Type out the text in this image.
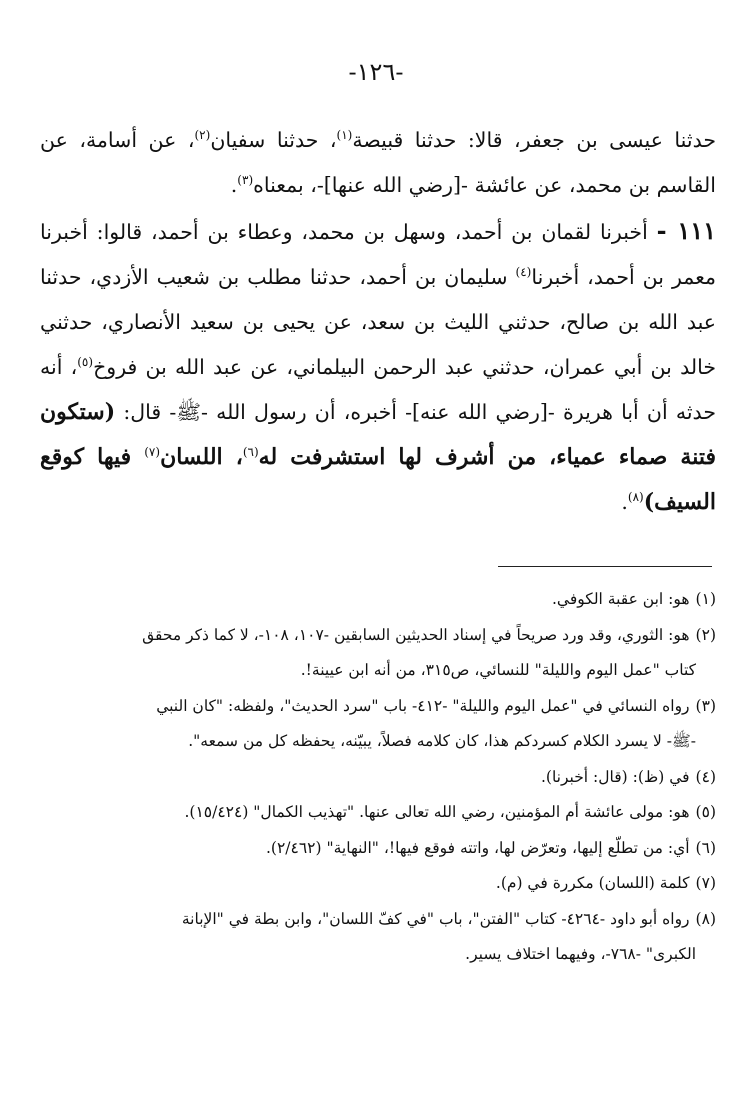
-١٢٦-

حدثنا عيسى بن جعفر، قالا: حدثنا قبيصة$^{(١)}$، حدثنا سفيان$^{(٢)}$، عن أسامة، عن القاسم بن محمد، عن عائشة -[رضي الله عنها]-، بمعناه$^{(٣)}$.

١١١ - أخبرنا لقمان بن أحمد، وسهل بن محمد، وعطاء بن أحمد، قالوا: أخبرنا معمر بن أحمد، أخبرنا$^{(٤)}$ سليمان بن أحمد، حدثنا مطلب بن شعيب الأزدي، حدثنا عبد الله بن صالح، حدثني الليث بن سعد، عن يحيى بن سعيد الأنصاري، حدثني خالد بن أبي عمران، حدثني عبد الرحمن البيلماني، عن عبد الله بن فروخ$^{(٥)}$، أنه حدثه أن أبا هريرة -[رضي الله عنه]- أخبره، أن رسول الله -ﷺ- قال: (ستكون فتنة صماء عمياء، من أشرف لها استشرفت له$^{(٦)}$، اللسان$^{(٧)}$ فيها كوقع السيف)$^{(٨)}$.

(١)هو: ابن عقبة الكوفي.

(٢)هو: الثوري، وقد ورد صريحاً في إسناد الحديثين السابقين -١٠٧، ١٠٨-، لا كما ذكر محقق
كتاب "عمل اليوم والليلة" للنسائي، ص٣١٥، من أنه ابن عيينة!.

(٣)رواه النسائي في "عمل اليوم والليلة" -٤١٢- باب "سرد الحديث"، ولفظه: "كان النبي
-ﷺ- لا يسرد الكلام كسردكم هذا، كان كلامه فصلاً، يبيّنه، يحفظه كل من سمعه".

(٤)في (ظ): (قال: أخبرنا).

(٥)هو: مولى عائشة أم المؤمنين، رضي الله تعالى عنها. "تهذيب الكمال" (١٥/٤٢٤).

(٦)أي: من تطلّع إليها، وتعرّض لها، واتته فوقع فيها!، "النهاية" (٢/٤٦٢).

(٧)كلمة (اللسان) مكررة في (م).

(٨)رواه أبو داود -٤٢٦٤- كتاب "الفتن"، باب "في كفّ اللسان"، وابن بطة في "الإبانة
الكبرى" -٧٦٨-، وفيهما اختلاف يسير.
